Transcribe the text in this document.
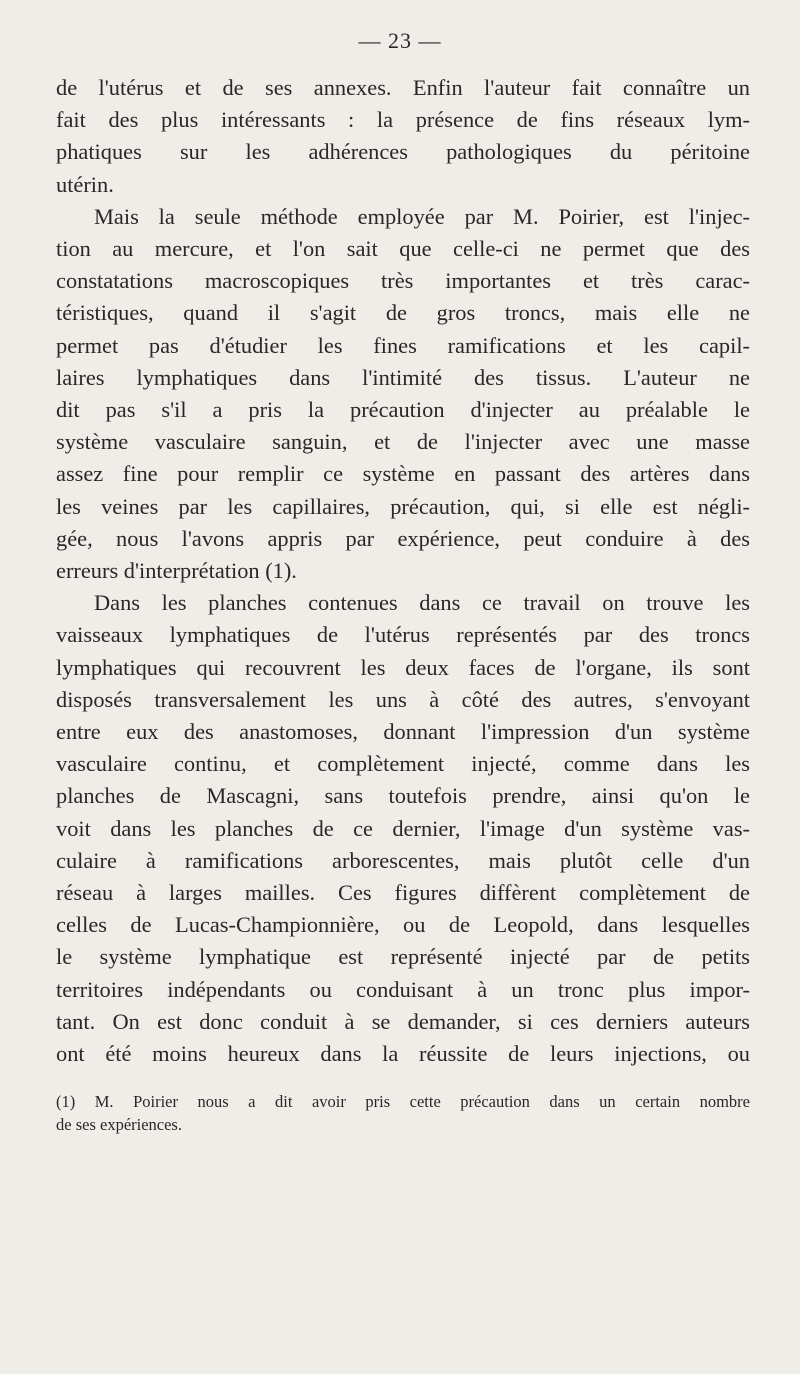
— 23 —
de l'utérus et de ses annexes. Enfin l'auteur fait connaître un
fait des plus intéressants : la présence de fins réseaux lym-
phatiques sur les adhérences pathologiques du péritoine
utérin.
Mais la seule méthode employée par M. Poirier, est l'injec-
tion au mercure, et l'on sait que celle-ci ne permet que des
constatations macroscopiques très importantes et très carac-
téristiques, quand il s'agit de gros troncs, mais elle ne
permet pas d'étudier les fines ramifications et les capil-
laires lymphatiques dans l'intimité des tissus. L'auteur ne
dit pas s'il a pris la précaution d'injecter au préalable le
système vasculaire sanguin, et de l'injecter avec une masse
assez fine pour remplir ce système en passant des artères dans
les veines par les capillaires, précaution, qui, si elle est négli-
gée, nous l'avons appris par expérience, peut conduire à des
erreurs d'interprétation (1).
Dans les planches contenues dans ce travail on trouve les
vaisseaux lymphatiques de l'utérus représentés par des troncs
lymphatiques qui recouvrent les deux faces de l'organe, ils sont
disposés transversalement les uns à côté des autres, s'envoyant
entre eux des anastomoses, donnant l'impression d'un système
vasculaire continu, et complètement injecté, comme dans les
planches de Mascagni, sans toutefois prendre, ainsi qu'on le
voit dans les planches de ce dernier, l'image d'un système vas-
culaire à ramifications arborescentes, mais plutôt celle d'un
réseau à larges mailles. Ces figures diffèrent complètement de
celles de Lucas-Championnière, ou de Leopold, dans lesquelles
le système lymphatique est représenté injecté par de petits
territoires indépendants ou conduisant à un tronc plus impor-
tant. On est donc conduit à se demander, si ces derniers auteurs
ont été moins heureux dans la réussite de leurs injections, ou
(1) M. Poirier nous a dit avoir pris cette précaution dans un certain nombre
de ses expériences.
